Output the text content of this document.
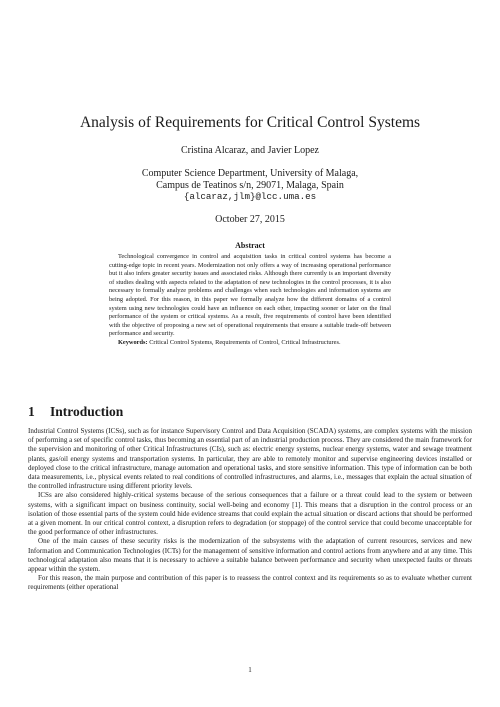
Analysis of Requirements for Critical Control Systems
Cristina Alcaraz, and Javier Lopez
Computer Science Department, University of Malaga,
Campus de Teatinos s/n, 29071, Malaga, Spain
{alcaraz,jlm}@lcc.uma.es
October 27, 2015
Abstract

Technological convergence in control and acquisition tasks in critical control systems has become a cutting-edge topic in recent years. Modernization not only offers a way of increasing operational performance but it also infers greater security issues and associated risks. Although there currently is an important diversity of studies dealing with aspects related to the adaptation of new technologies in the control processes, it is also necessary to formally analyze problems and challenges when such technologies and information systems are being adopted. For this reason, in this paper we formally analyze how the different domains of a control system using new technologies could have an influence on each other, impacting sooner or later on the final performance of the system or critical systems. As a result, five requirements of control have been identified with the objective of proposing a new set of operational requirements that ensure a suitable trade-off between performance and security.

Keywords: Critical Control Systems, Requirements of Control, Critical Infrastructures.

1 Introduction

Industrial Control Systems (ICSs), such as for instance Supervisory Control and Data Acquisition (SCADA) systems, are complex systems with the mission of performing a set of specific control tasks, thus becoming an essential part of an industrial production process. They are considered the main framework for the supervision and monitoring of other Critical Infrastructures (CIs), such as: electric energy systems, nuclear energy systems, water and sewage treatment plants, gas/oil energy systems and transportation systems. In particular, they are able to remotely monitor and supervise engineering devices installed or deployed close to the critical infrastructure, manage automation and operational tasks, and store sensitive information. This type of information can be both data measurements, i.e., physical events related to real conditions of controlled infrastructures, and alarms, i.e., messages that explain the actual situation of the controlled infrastructure using different priority levels.

ICSs are also considered highly-critical systems because of the serious consequences that a failure or a threat could lead to the system or between systems, with a significant impact on business continuity, social well-being and economy [1]. This means that a disruption in the control process or an isolation of those essential parts of the system could hide evidence streams that could explain the actual situation or discard actions that should be performed at a given moment. In our critical control context, a disruption refers to degradation (or stoppage) of the control service that could become unacceptable for the good performance of other infrastructures.

One of the main causes of these security risks is the modernization of the subsystems with the adaptation of current resources, services and new Information and Communication Technologies (ICTs) for the management of sensitive information and control actions from anywhere and at any time. This technological adaptation also means that it is necessary to achieve a suitable balance between performance and security when unexpected faults or threats appear within the system.

For this reason, the main purpose and contribution of this paper is to reassess the control context and its requirements so as to evaluate whether current requirements (either operational

1
